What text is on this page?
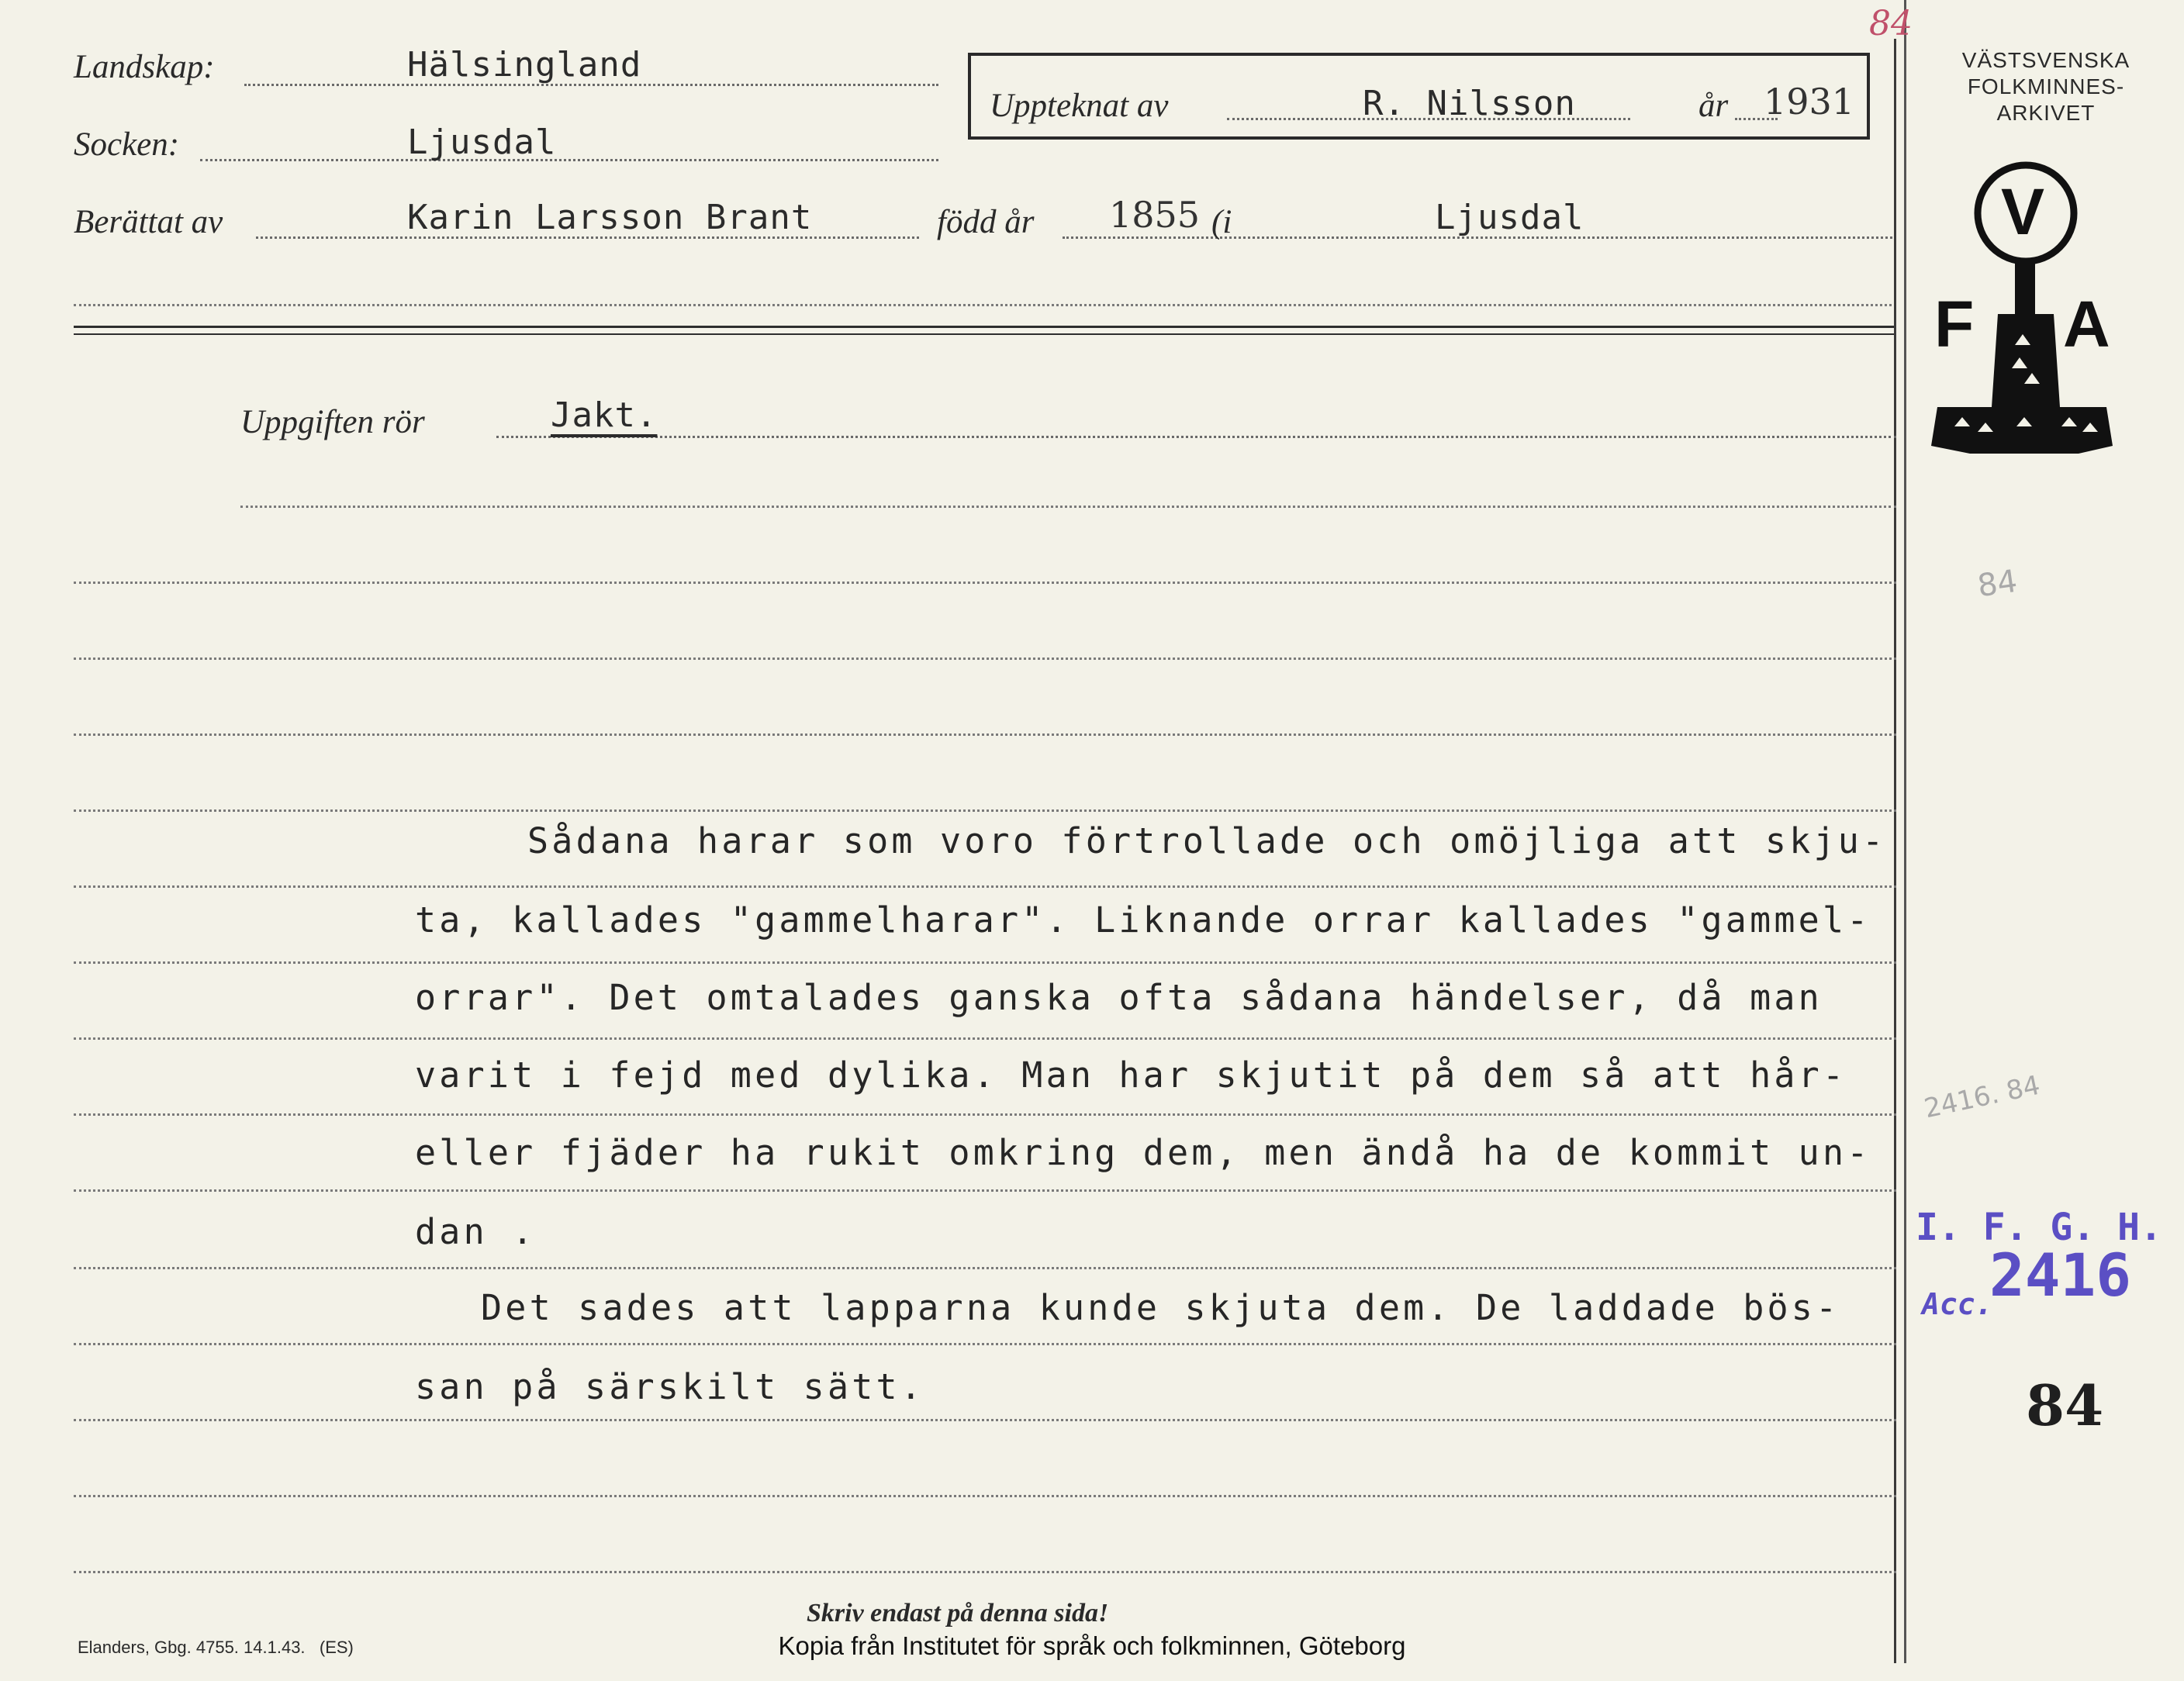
Landskap:	Hälsingland
Socken:	Ljusdal
Berättat av	Karin Larsson Brant	född år 1855 (i	Ljusdal
Uppteknat av	R. Nilsson	år 1931
VÄSTSVENSKA
FOLKMINNES-
ARKIVET
V
F A
84
84
2416. 84
I. F. G. H.
Acc.
2416
84
Uppgiften rör	Jakt.
Sådana harar som voro förtrollade och omöjliga att skju-
ta, kallades "gammelharar". Liknande orrar kallades "gammel-
orrar". Det omtalades ganska ofta sådana händelser, då man
varit i fejd med dylika. Man har skjutit på dem så att hår-
eller fjäder ha rukit omkring dem, men ändå ha de kommit un-
dan .
Det sades att lapparna kunde skjuta dem. De laddade bös-
san på särskilt sätt.
Skriv endast på denna sida!
Elanders, Gbg. 4755. 14.1.43.   (ES)	Kopia från Institutet för språk och folkminnen, Göteborg
